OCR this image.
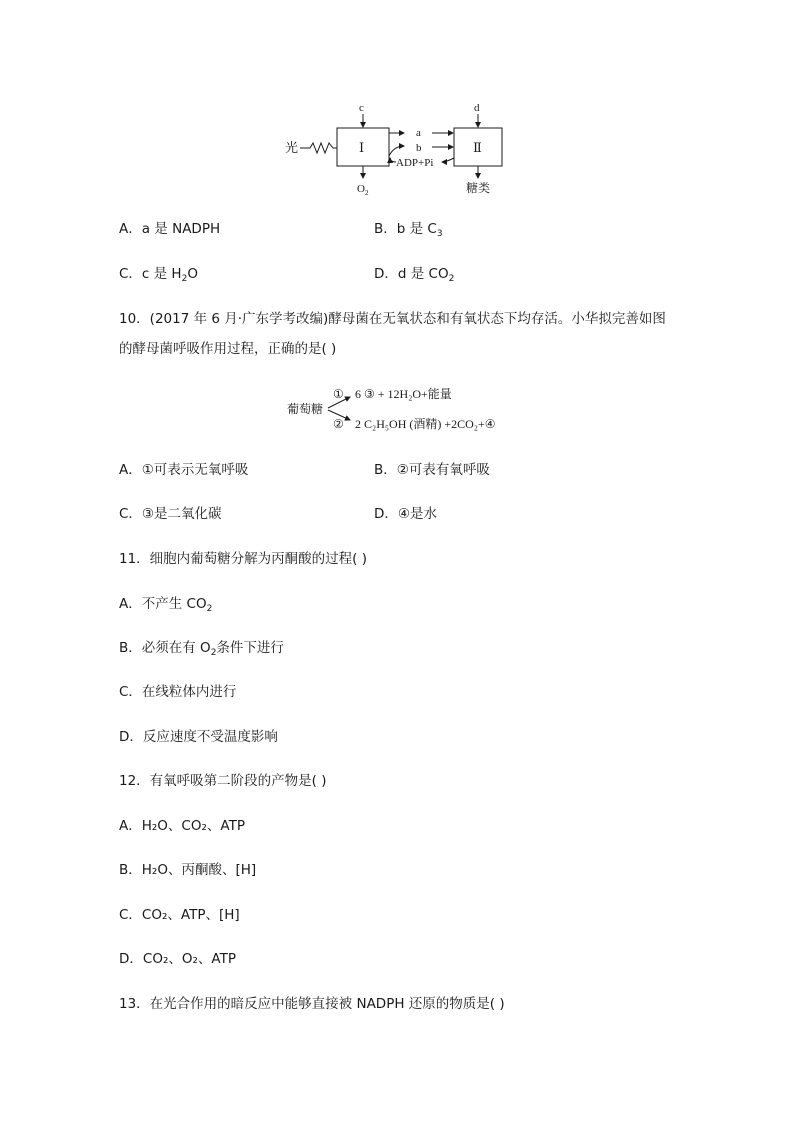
光	Ⅰ	Ⅱ
c	d
a
b
ADP+Pi
$O_2$	糖类
A．a 是 NADPH	B．b 是 $C_3$
C．c 是 $H_2O$	D．d 是 $CO_2$
10．(2017 年 6 月·广东学考改编)酵母菌在无氧状态和有氧状态下均存活。小华拟完善如图
的酵母菌呼吸作用过程，正确的是( )
葡萄糖
① 6 ③ + 12H₂O+能量
② 2 C₂H₅OH (酒精) +2CO₂+④
A．①可表示无氧呼吸	B．②可表有氧呼吸
C．③是二氧化碳	D．④是水
11．细胞内葡萄糖分解为丙酮酸的过程( )
A．不产生 $CO_2$
B．必须在有 $O_2$条件下进行
C．在线粒体内进行
D．反应速度不受温度影响
12．有氧呼吸第二阶段的产物是( )
A．H₂O、CO₂、ATP
B．H₂O、丙酮酸、[H]
C．CO₂、ATP、[H]
D．CO₂、O₂、ATP
13．在光合作用的暗反应中能够直接被 NADPH 还原的物质是( )
